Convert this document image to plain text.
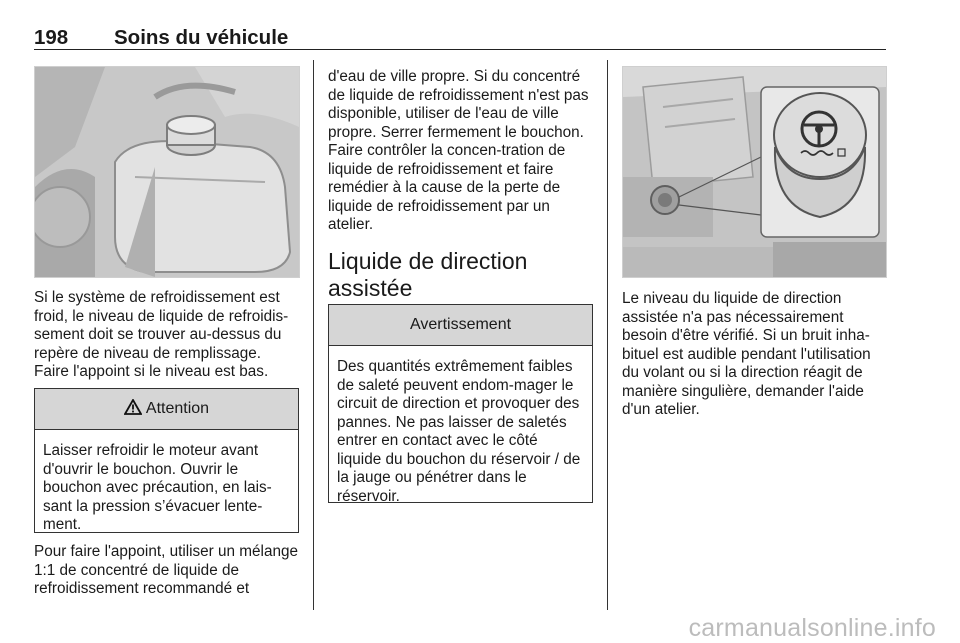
198 Soins du véhicule

Si le système de refroidissement est froid, le niveau de liquide de refroidis-sement doit se trouver au-dessus du repère de niveau de remplissage. Faire l'appoint si le niveau est bas.

Attention
Laisser refroidir le moteur avant d'ouvrir le bouchon. Ouvrir le bouchon avec précaution, en lais-sant la pression s’évacuer lente-ment.

Pour faire l'appoint, utiliser un mélange 1:1 de concentré de liquide de refroidissement recommandé et

d'eau de ville propre. Si du concentré de liquide de refroidissement n'est pas disponible, utiliser de l'eau de ville propre. Serrer fermement le bouchon. Faire contrôler la concen-tration de liquide de refroidissement et faire remédier à la cause de la perte de liquide de refroidissement par un atelier.

Liquide de direction assistée
Avertissement
Des quantités extrêmement faibles de saleté peuvent endom-mager le circuit de direction et provoquer des pannes. Ne pas laisser de saletés entrer en contact avec le côté liquide du bouchon du réservoir / de la jauge ou pénétrer dans le réservoir.

Le niveau du liquide de direction assistée n'a pas nécessairement besoin d'être vérifié. Si un bruit inha-bituel est audible pendant l'utilisation du volant ou si la direction réagit de manière singulière, demander l'aide d'un atelier.

carmanualsonline.info
